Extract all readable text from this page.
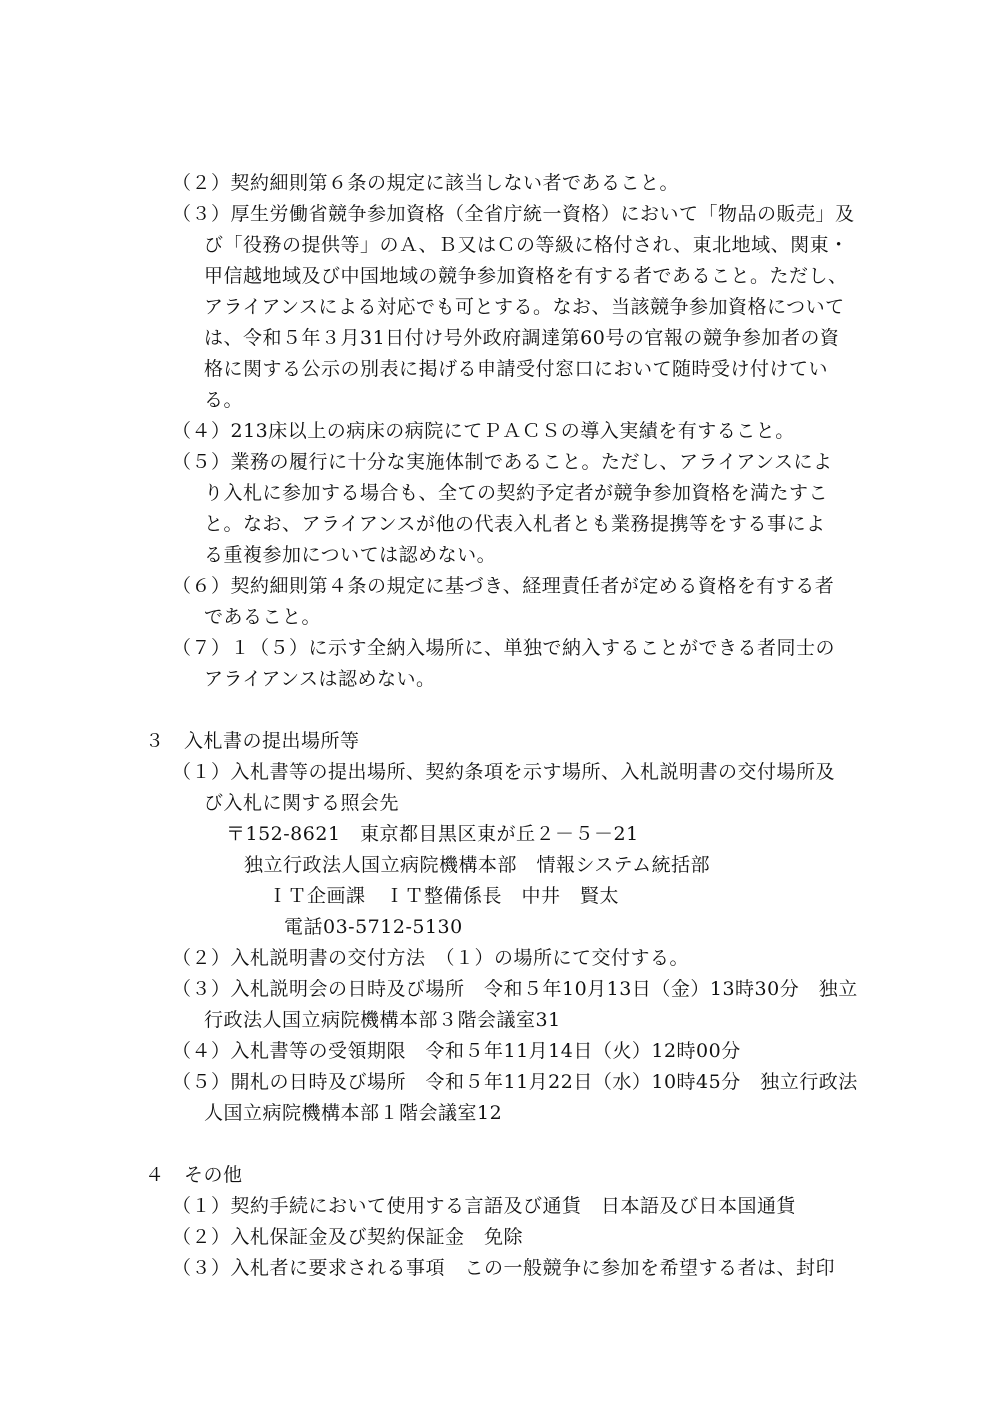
（２）契約細則第６条の規定に該当しない者であること。
（３）厚生労働省競争参加資格（全省庁統一資格）において「物品の販売」及
び「役務の提供等」のＡ、Ｂ又はＣの等級に格付され、東北地域、関東・
甲信越地域及び中国地域の競争参加資格を有する者であること。ただし、
アライアンスによる対応でも可とする。なお、当該競争参加資格について
は、令和５年３月31日付け号外政府調達第60号の官報の競争参加者の資
格に関する公示の別表に掲げる申請受付窓口において随時受け付けてい
る。
（４）213床以上の病床の病院にてＰＡＣＳの導入実績を有すること。
（５）業務の履行に十分な実施体制であること。ただし、アライアンスによ
り入札に参加する場合も、全ての契約予定者が競争参加資格を満たすこ
と。なお、アライアンスが他の代表入札者とも業務提携等をする事によ
る重複参加については認めない。
（６）契約細則第４条の規定に基づき、経理責任者が定める資格を有する者
であること。
（７）１（５）に示す全納入場所に、単独で納入することができる者同士の
アライアンスは認めない。
３　入札書の提出場所等
（１）入札書等の提出場所、契約条項を示す場所、入札説明書の交付場所及
び入札に関する照会先
〒152-8621　東京都目黒区東が丘２－５－21
独立行政法人国立病院機構本部　情報システム統括部
ＩＴ企画課　ＩＴ整備係長　中井　賢太
電話03-5712-5130
（２）入札説明書の交付方法　（１）の場所にて交付する。
（３）入札説明会の日時及び場所　令和５年10月13日（金）13時30分　独立
行政法人国立病院機構本部３階会議室31
（４）入札書等の受領期限　令和５年11月14日（火）12時00分
（５）開札の日時及び場所　令和５年11月22日（水）10時45分　独立行政法
人国立病院機構本部１階会議室12
４　その他
（１）契約手続において使用する言語及び通貨　日本語及び日本国通貨
（２）入札保証金及び契約保証金　免除
（３）入札者に要求される事項　この一般競争に参加を希望する者は、封印
